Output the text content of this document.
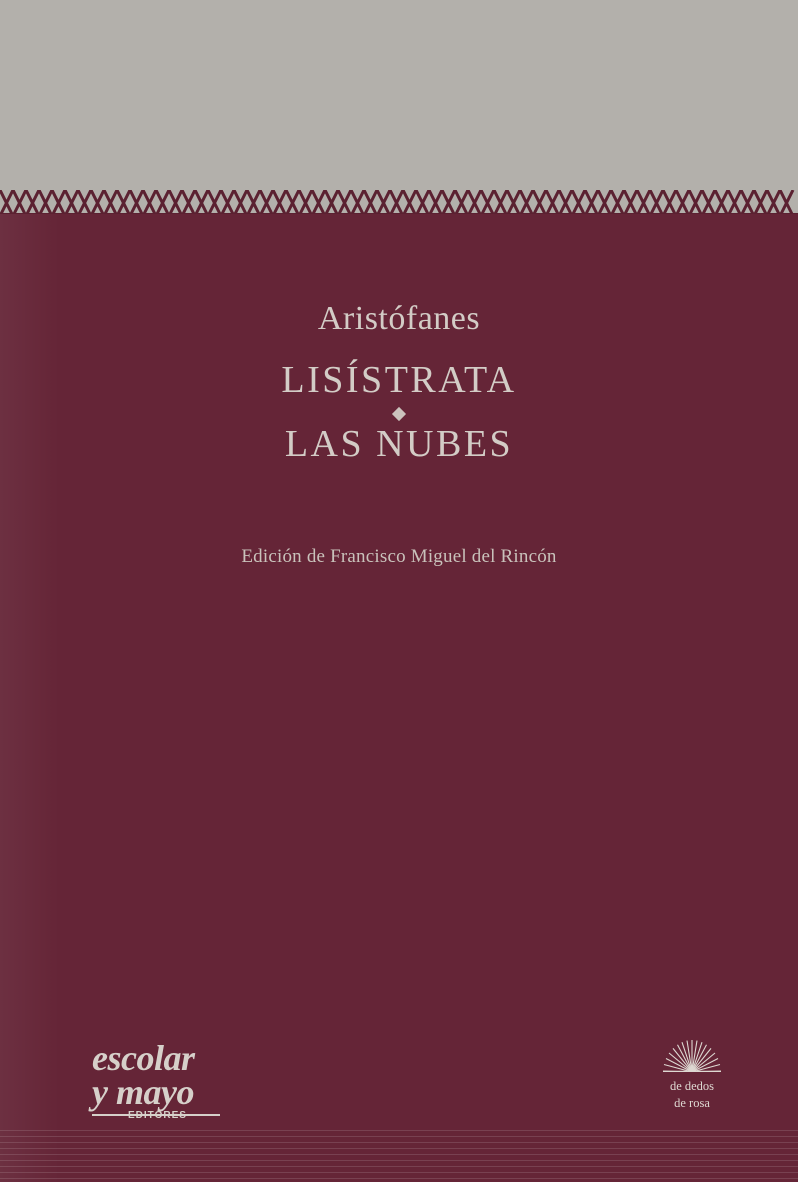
Aristófanes
LISÍSTRATA
LAS NUBES
Edición de Francisco Miguel del Rincón
escolar
y mayo	de dedos
de rosa
